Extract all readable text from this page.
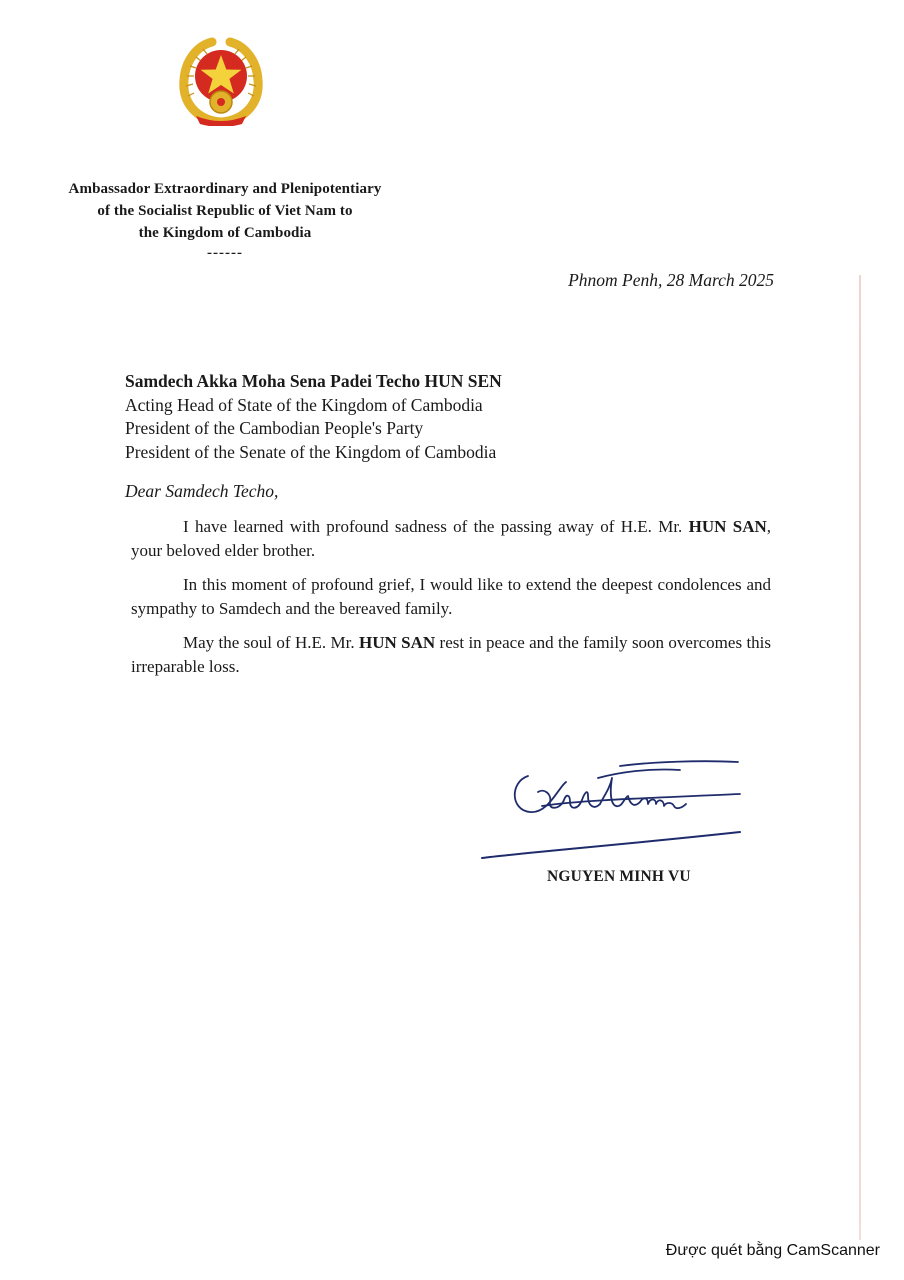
Ambassador Extraordinary and Plenipotentiary
of the Socialist Republic of Viet Nam to
the Kingdom of Cambodia
------
Phnom Penh, 28 March 2025
Samdech Akka Moha Sena Padei Techo HUN SEN
Acting Head of State of the Kingdom of Cambodia
President of the Cambodian People's Party
President of the Senate of the Kingdom of Cambodia
Dear Samdech Techo,

I have learned with profound sadness of the passing away of H.E. Mr. HUN SAN, your beloved elder brother.

In this moment of profound grief, I would like to extend the deepest condolences and sympathy to Samdech and the bereaved family.

May the soul of H.E. Mr. HUN SAN rest in peace and the family soon overcomes this irreparable loss.

NGUYEN MINH VU
Được quét bằng CamScanner
